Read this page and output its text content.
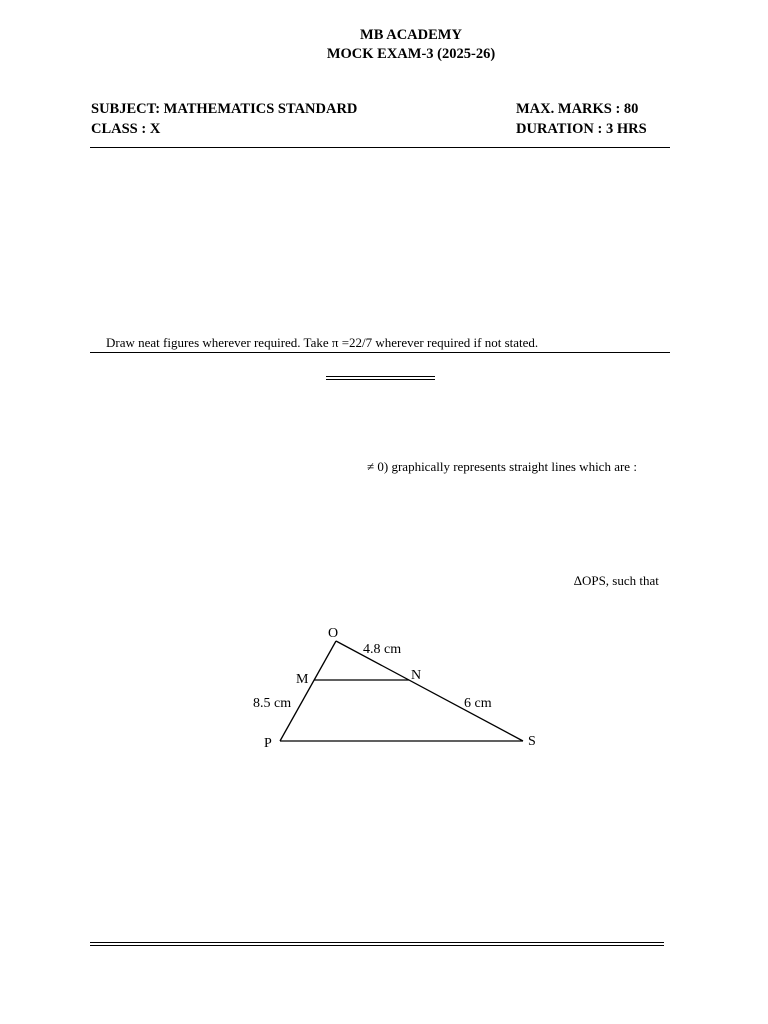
MB ACADEMY
MOCK EXAM-3 (2025-26)
SUBJECT: MATHEMATICS STANDARD
CLASS : X
MAX. MARKS : 80
DURATION : 3 HRS
Draw neat figures wherever required. Take π =22/7 wherever required if not stated.
≠ 0) graphically represents straight lines which are :
∆OPS, such that
O
4.8 cm
M	N
8.5 cm	6 cm
P	S
